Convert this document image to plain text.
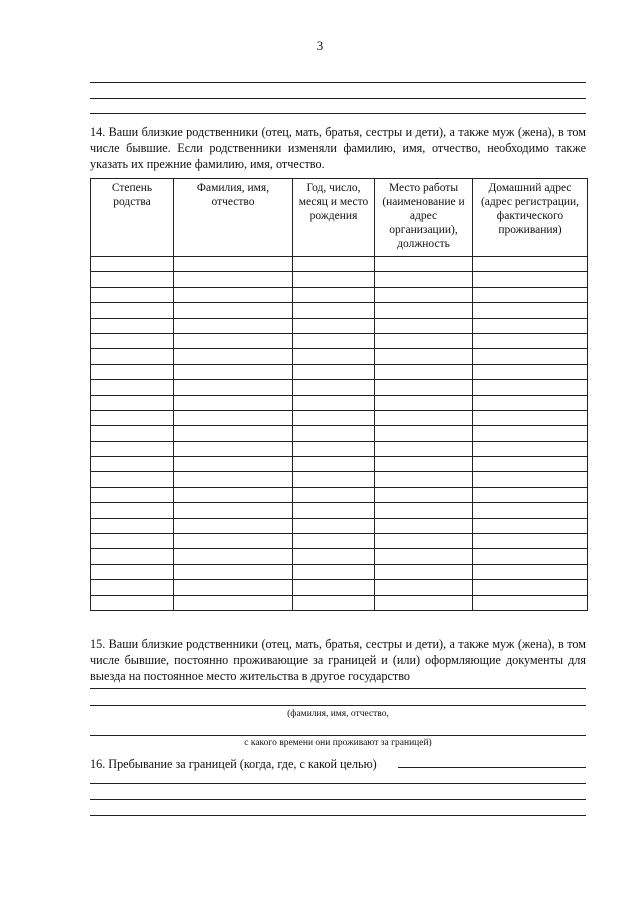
3
14. Ваши близкие родственники (отец, мать, братья, сестры и дети), а также муж (жена), в том числе бывшие. Если родственники изменяли фамилию, имя, отчество, необходимо также указать их прежние фамилию, имя, отчество.
Степень родства	Фамилия, имя, отчество	Год, число, месяц и место рождения	Место работы (наименование и адрес организации), должность	Домашний адрес (адрес регистрации, фактического проживания)

15. Ваши близкие родственники (отец, мать, братья, сестры и дети), а также муж (жена), в том числе бывшие, постоянно проживающие за границей и (или) оформляющие документы для выезда на постоянное место жительства в другое государство
(фамилия, имя, отчество,
с какого времени они проживают за границей)
16. Пребывание за границей (когда, где, с какой целью)
